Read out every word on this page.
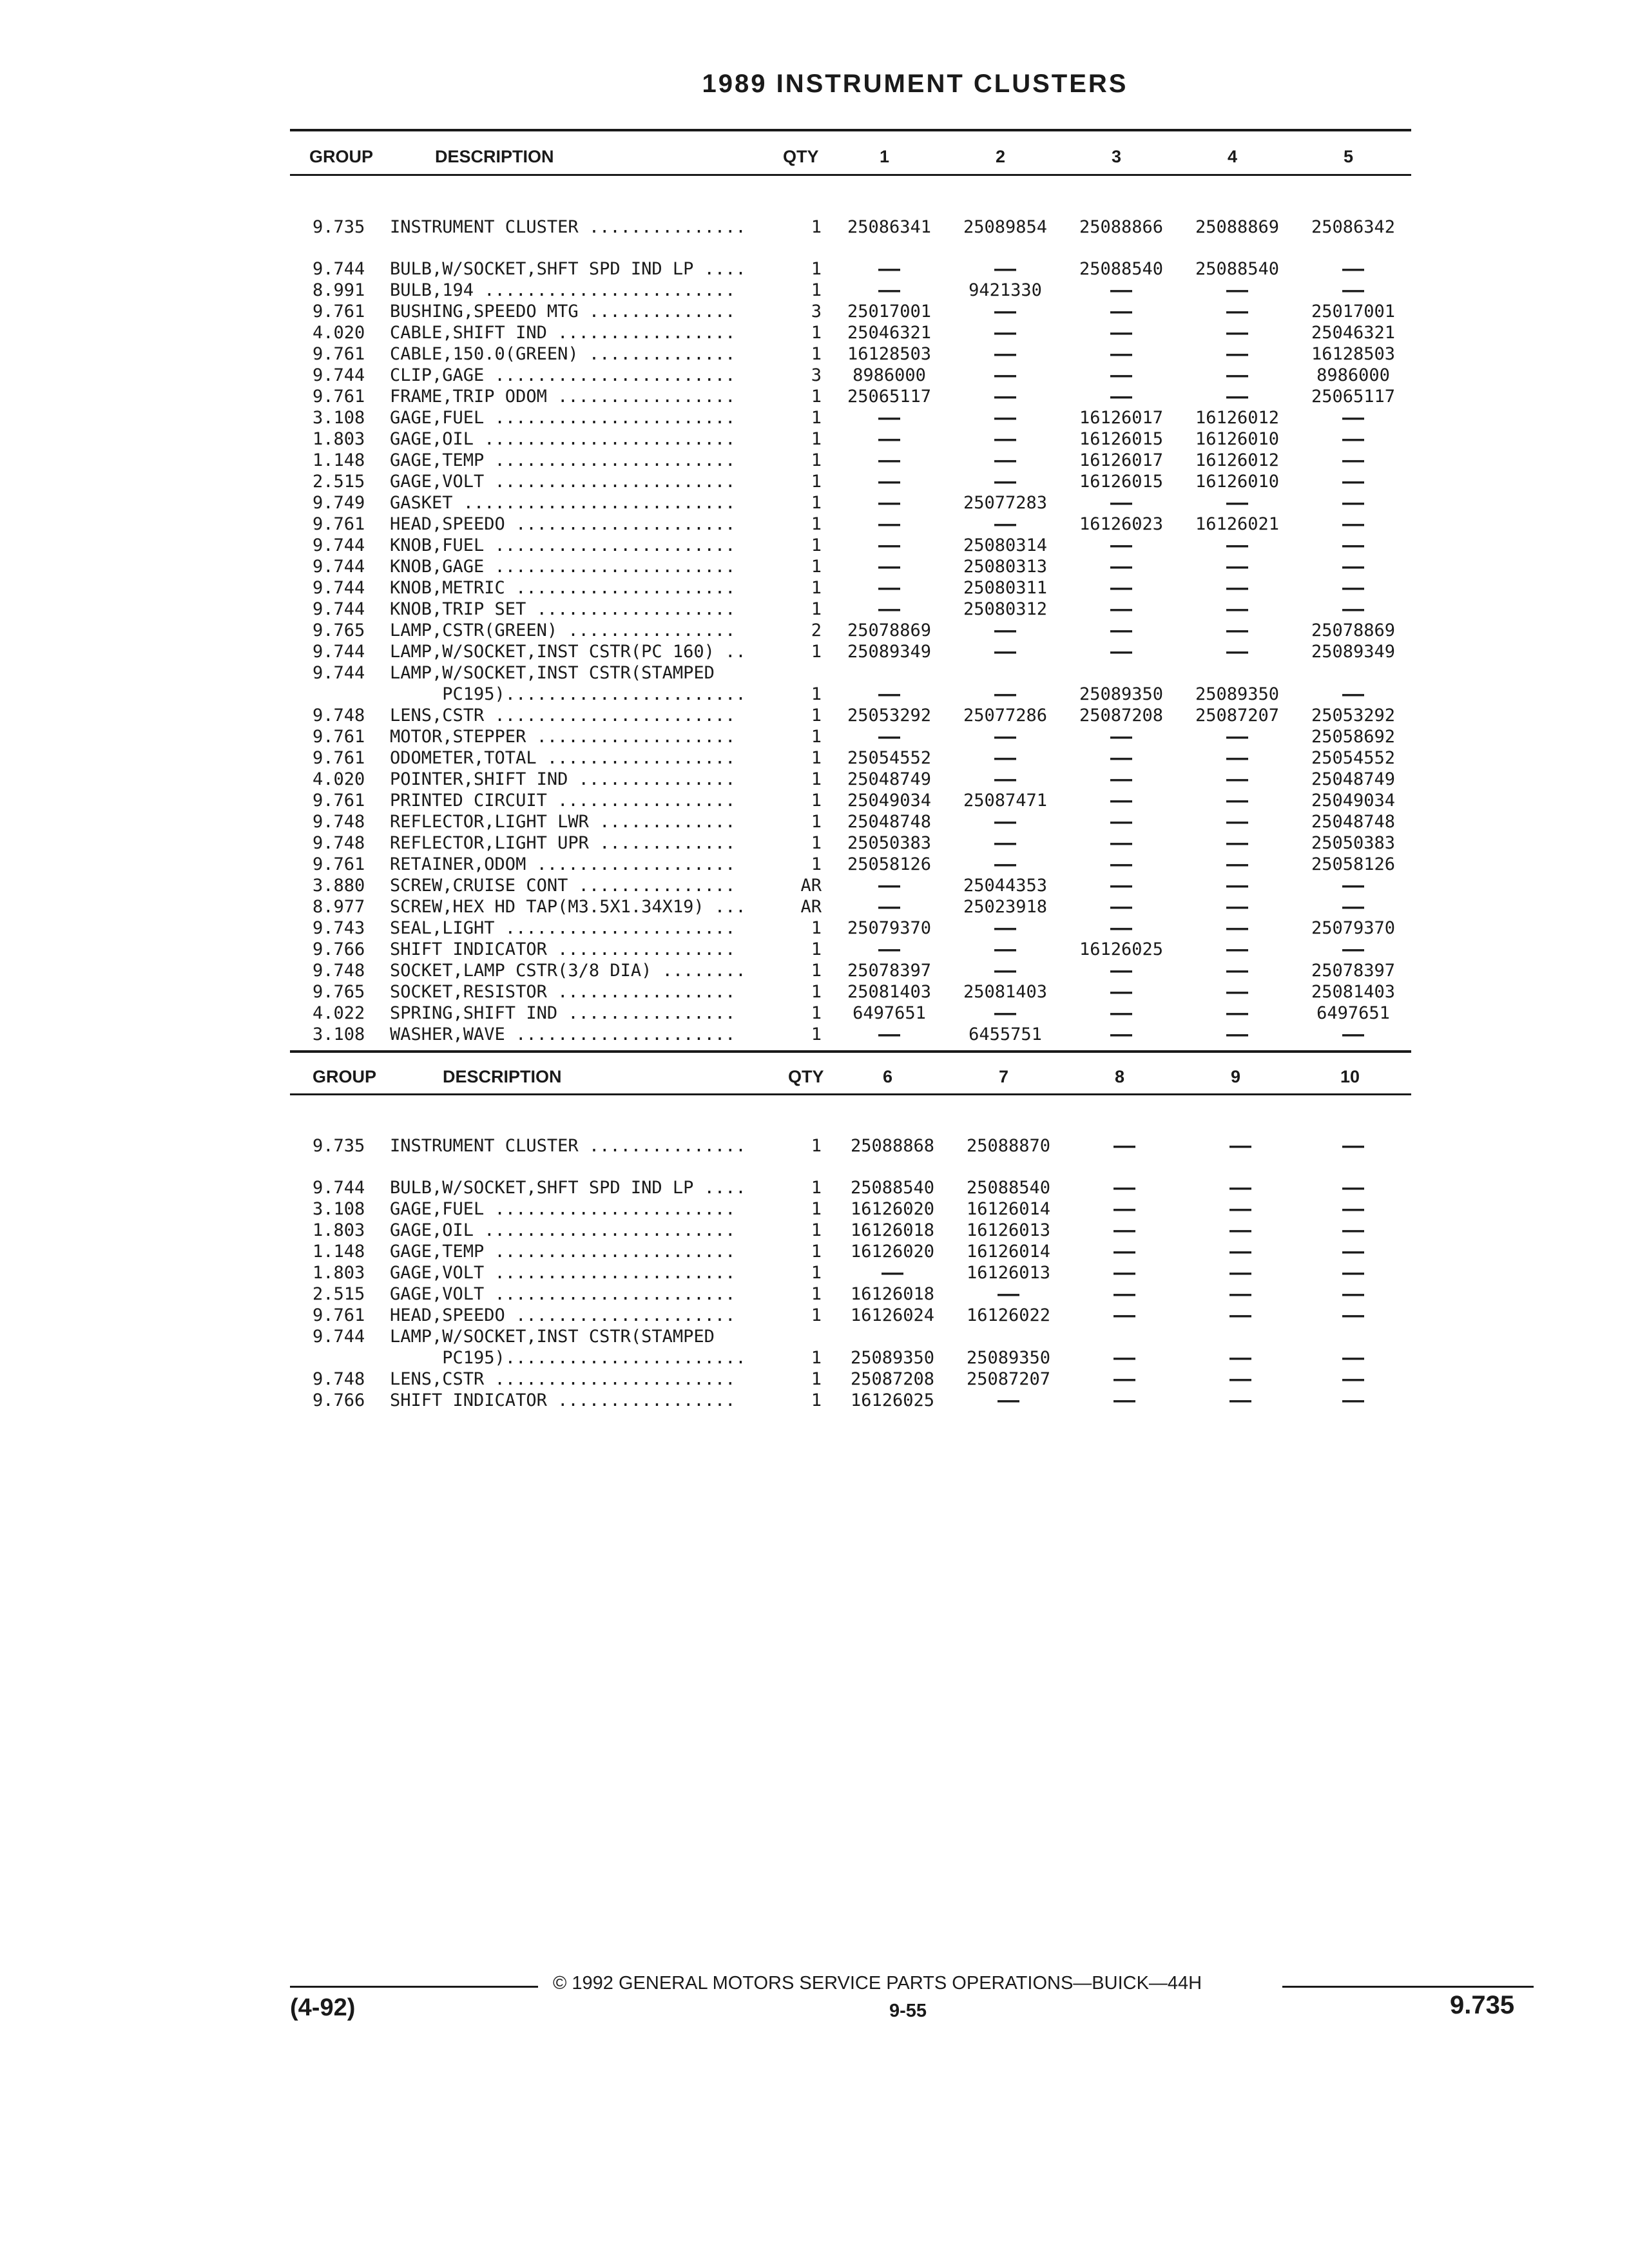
1989 INSTRUMENT CLUSTERS
GROUP	DESCRIPTION	QTY	1	2	3	4	5
9.735 INSTRUMENT CLUSTER ...............	1	25086341	25089854	25088866	25088869	25086342
9.744 BULB,W/SOCKET,SHFT SPD IND LP ....	1	—	—	25088540	25088540	—
8.991 BULB,194 ........................	1	—	9421330	—	—	—
9.761 BUSHING,SPEEDO MTG ..............	3	25017001	—	—	—	25017001
4.020 CABLE,SHIFT IND .................	1	25046321	—	—	—	25046321
9.761 CABLE,150.0(GREEN) ..............	1	16128503	—	—	—	16128503
9.744 CLIP,GAGE .......................	3	8986000	—	—	—	8986000
9.761 FRAME,TRIP ODOM .................	1	25065117	—	—	—	25065117
3.108 GAGE,FUEL .......................	1	—	—	16126017	16126012	—
1.803 GAGE,OIL ........................	1	—	—	16126015	16126010	—
1.148 GAGE,TEMP .......................	1	—	—	16126017	16126012	—
2.515 GAGE,VOLT .......................	1	—	—	16126015	16126010	—
9.749 GASKET ..........................	1	—	25077283	—	—	—
9.761 HEAD,SPEEDO .....................	1	—	—	16126023	16126021	—
9.744 KNOB,FUEL .......................	1	—	25080314	—	—	—
9.744 KNOB,GAGE .......................	1	—	25080313	—	—	—
9.744 KNOB,METRIC .....................	1	—	25080311	—	—	—
9.744 KNOB,TRIP SET ...................	1	—	25080312	—	—	—
9.765 LAMP,CSTR(GREEN) ................	2	25078869	—	—	—	25078869
9.744 LAMP,W/SOCKET,INST CSTR(PC 160) ..	1	25089349	—	—	—	25089349
9.744 LAMP,W/SOCKET,INST CSTR(STAMPED
PC195).......................	1	—	—	25089350	25089350	—
9.748 LENS,CSTR .......................	1	25053292	25077286	25087208	25087207	25053292
9.761 MOTOR,STEPPER ...................	1	—	—	—	—	25058692
9.761 ODOMETER,TOTAL ..................	1	25054552	—	—	—	25054552
4.020 POINTER,SHIFT IND ...............	1	25048749	—	—	—	25048749
9.761 PRINTED CIRCUIT .................	1	25049034	25087471	—	—	25049034
9.748 REFLECTOR,LIGHT LWR .............	1	25048748	—	—	—	25048748
9.748 REFLECTOR,LIGHT UPR .............	1	25050383	—	—	—	25050383
9.761 RETAINER,ODOM ...................	1	25058126	—	—	—	25058126
3.880 SCREW,CRUISE CONT ...............	AR	—	25044353	—	—	—
8.977 SCREW,HEX HD TAP(M3.5X1.34X19) ...	AR	—	25023918	—	—	—
9.743 SEAL,LIGHT ......................	1	25079370	—	—	—	25079370
9.766 SHIFT INDICATOR .................	1	—	—	16126025	—	—
9.748 SOCKET,LAMP CSTR(3/8 DIA) ........	1	25078397	—	—	—	25078397
9.765 SOCKET,RESISTOR .................	1	25081403	25081403	—	—	25081403
4.022 SPRING,SHIFT IND ................	1	6497651	—	—	—	6497651
3.108 WASHER,WAVE .....................	1	—	6455751	—	—	—
GROUP	DESCRIPTION	QTY	6	7	8	9	10
9.735 INSTRUMENT CLUSTER ...............	1	25088868	25088870	—	—	—
9.744 BULB,W/SOCKET,SHFT SPD IND LP ....	1	25088540	25088540	—	—	—
3.108 GAGE,FUEL .......................	1	16126020	16126014	—	—	—
1.803 GAGE,OIL ........................	1	16126018	16126013	—	—	—
1.148 GAGE,TEMP .......................	1	16126020	16126014	—	—	—
1.803 GAGE,VOLT .......................	1	—	16126013	—	—	—
2.515 GAGE,VOLT .......................	1	16126018	—	—	—	—
9.761 HEAD,SPEEDO .....................	1	16126024	16126022	—	—	—
9.744 LAMP,W/SOCKET,INST CSTR(STAMPED
PC195).......................	1	25089350	25089350	—	—	—
9.748 LENS,CSTR .......................	1	25087208	25087207	—	—	—
9.766 SHIFT INDICATOR .................	1	16126025	—	—	—	—
© 1992 GENERAL MOTORS SERVICE PARTS OPERATIONS—BUICK—44H
(4-92)	9-55	9.735
